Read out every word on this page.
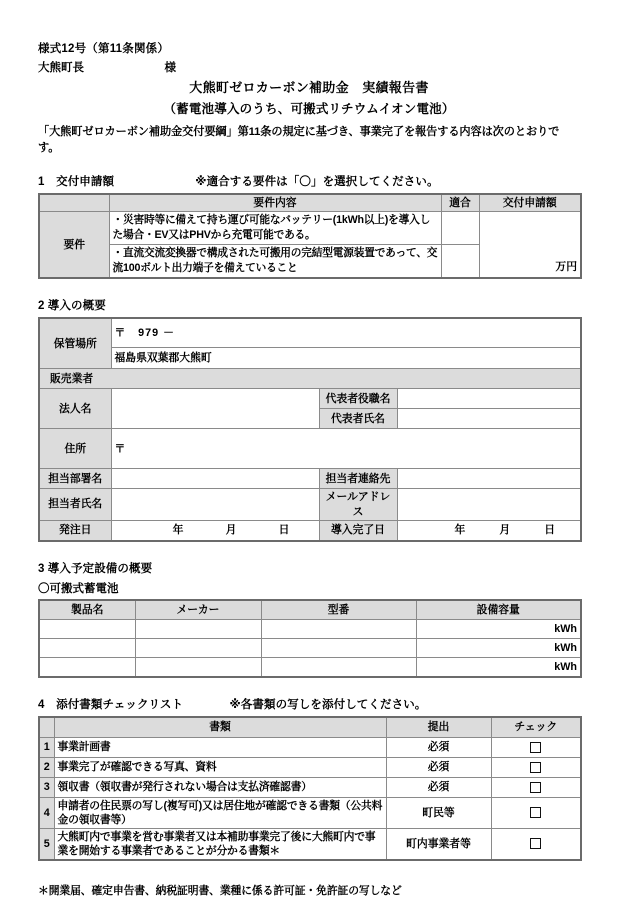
様式12号（第11条関係）
大熊町長　　　　　　　様
大熊町ゼロカーボン補助金　実績報告書
（蓄電池導入のうち、可搬式リチウムイオン電池）
「大熊町ゼロカーボン補助金交付要綱」第11条の規定に基づき、事業完了を報告する内容は次のとおりです。
1　交付申請額　　　　　　　※適合する要件は「〇」を選択してください。
	要件内容	適合	交付申請額
要件	・災害時等に備えて持ち運び可能なバッテリー(1kWh以上)を導入した場合・EV又はPHVから充電可能である。		万円
	・直流交流変換器で構成された可搬用の完結型電源装置であって、交流100ボルト出力端子を備えていること		
2 導入の概要
保管場所	〒　979 －		
	福島県双葉郡大熊町		
販売業者			
法人名		代表者役職名	
		代表者氏名	
住所	〒		
担当部署名		担当者連絡先	
担当者氏名		メールアドレス	
発注日	年 月 日	導入完了日	年 月 日
3 導入予定設備の概要
〇可搬式蓄電池
製品名	メーカー	型番	設備容量
			kWh
			kWh
			kWh
4　添付書類チェックリスト　　　　※各書類の写しを添付してください。
	書類	提出	チェック
1	事業計画書	必須	
2	事業完了が確認できる写真、資料	必須	
3	領収書（領収書が発行されない場合は支払済確認書）	必須	
4	申請者の住民票の写し(複写可)又は居住地が確認できる書類（公共料金の領収書等）	町民等	
5	大熊町内で事業を営む事業者又は本補助事業完了後に大熊町内で事業を開始する事業者であることが分かる書類＊	町内事業者等	
＊開業届、確定申告書、納税証明書、業種に係る許可証・免許証の写しなど
